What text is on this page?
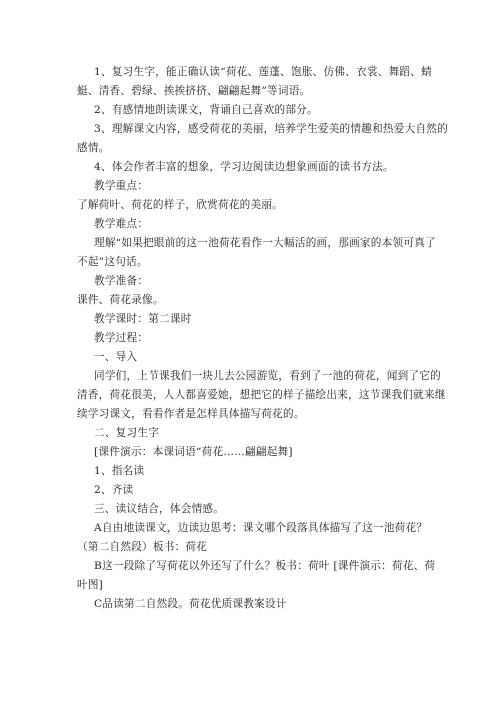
1、复习生字，能正确认读“荷花、莲蓬、饱胀、仿佛、衣裳、舞蹈、蜻
蜓、清香、碧绿、挨挨挤挤、翩翩起舞”等词语。
2、有感情地朗读课文，背诵自己喜欢的部分。
3、理解课文内容，感受荷花的美丽，培养学生爱美的情趣和热爱大自然的
感情。
4、体会作者丰富的想象，学习边阅读边想象画面的读书方法。
教学重点：
了解荷叶、荷花的样子，欣赏荷花的美丽。
教学难点：
理解“如果把眼前的这一池荷花看作一大幅活的画，那画家的本领可真了
不起”这句话。
教学准备：
课件、荷花录像。
教学课时：第二课时
教学过程：
一、导入
同学们，上节课我们一块儿去公园游览，看到了一池的荷花，闻到了它的
清香，荷花很美，人人都喜爱她，想把它的样子描绘出来，这节课我们就来继
续学习课文，看看作者是怎样具体描写荷花的。
二、复习生字
[课件演示：本课词语“荷花……翩翩起舞]
1、指名读
2、齐读
三、读议结合，体会情感。
A自由地读课文，边读边思考：课文哪个段落具体描写了这一池荷花？
（第二自然段）板书：荷花
B这一段除了写荷花以外还写了什么？板书：荷叶 [课件演示：荷花、荷
叶图]
C品读第二自然段。荷花优质课教案设计
